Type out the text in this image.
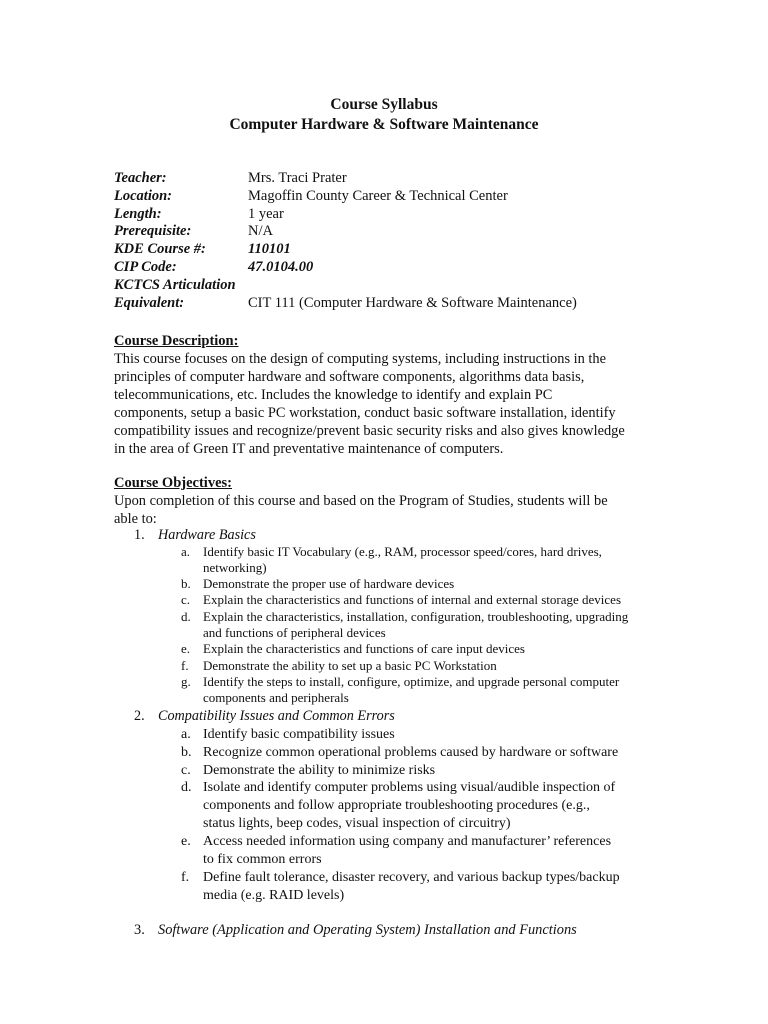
Course Syllabus
Computer Hardware & Software Maintenance
Teacher:	Mrs. Traci Prater
Location:	Magoffin County Career & Technical Center
Length:	1 year
Prerequisite:	N/A
KDE Course #:	110101
CIP Code:	47.0104.00
KCTCS Articulation
Equivalent:	CIT 111 (Computer Hardware & Software Maintenance)
Course Description:
This course focuses on the design of computing systems, including instructions in the
principles of computer hardware and software components, algorithms data basis,
telecommunications, etc. Includes the knowledge to identify and explain PC
components, setup a basic PC workstation, conduct basic software installation, identify
compatibility issues and recognize/prevent basic security risks and also gives knowledge
in the area of Green IT and preventative maintenance of computers.
Course Objectives:
Upon completion of this course and based on the Program of Studies, students will be
able to:
1. Hardware Basics
a. Identify basic IT Vocabulary (e.g., RAM, processor speed/cores, hard drives,
networking)
b. Demonstrate the proper use of hardware devices
c. Explain the characteristics and functions of internal and external storage devices
d. Explain the characteristics, installation, configuration, troubleshooting, upgrading
and functions of peripheral devices
e. Explain the characteristics and functions of care input devices
f. Demonstrate the ability to set up a basic PC Workstation
g. Identify the steps to install, configure, optimize, and upgrade personal computer
components and peripherals
2. Compatibility Issues and Common Errors
a. Identify basic compatibility issues
b. Recognize common operational problems caused by hardware or software
c. Demonstrate the ability to minimize risks
d. Isolate and identify computer problems using visual/audible inspection of
components and follow appropriate troubleshooting procedures (e.g.,
status lights, beep codes, visual inspection of circuitry)
e. Access needed information using company and manufacturer’ references
to fix common errors
f. Define fault tolerance, disaster recovery, and various backup types/backup
media (e.g. RAID levels)
3. Software (Application and Operating System) Installation and Functions
